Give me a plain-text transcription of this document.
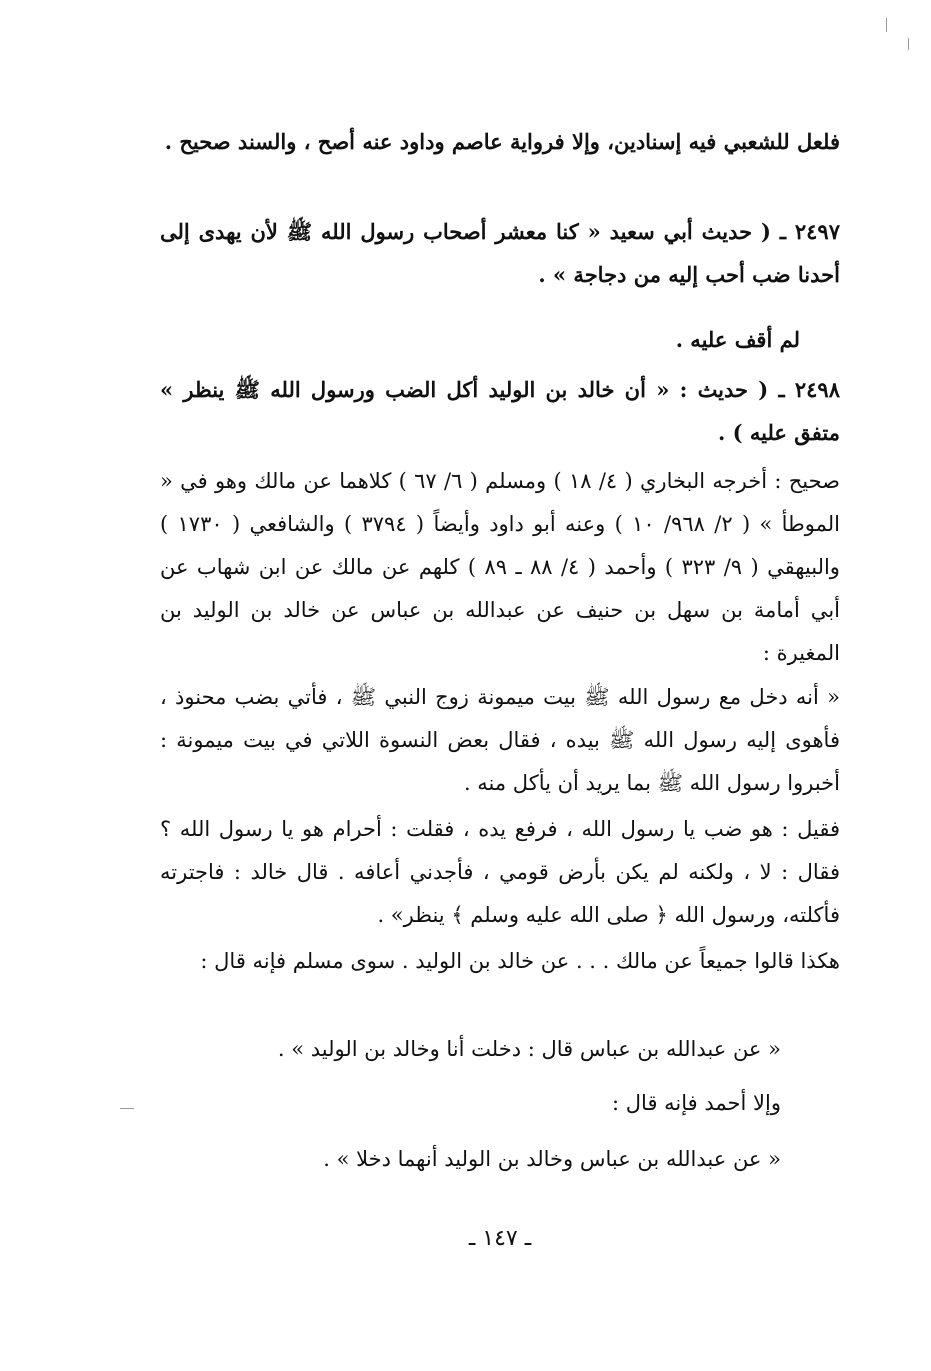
فلعل للشعبي فيه إسنادين، وإلا فرواية عاصم وداود عنه أصح ، والسند صحيح .

٢٤٩٧ ـ ( حديث أبي سعيد « كنا معشر أصحاب رسول الله ﷺ لأن يهدى إلى أحدنا ضب أحب إليه من دجاجة » .

لم أقف عليه .

٢٤٩٨ ـ ( حديث : « أن خالد بن الوليد أكل الضب ورسول الله ﷺ ينظر » متفق عليه ) .

صحيح : أخرجه البخاري ( ٤/ ١٨ ) ومسلم ( ٦/ ٦٧ ) كلاهما عن مالك وهو في « الموطأ » ( ٢/ ٩٦٨/ ١٠ ) وعنه أبو داود وأيضاً ( ٣٧٩٤ ) والشافعي ( ١٧٣٠ ) والبيهقي ( ٩/ ٣٢٣ ) وأحمد ( ٤/ ٨٨ ـ ٨٩ ) كلهم عن مالك عن ابن شهاب عن أبي أمامة بن سهل بن حنيف عن عبدالله بن عباس عن خالد بن الوليد بن المغيرة :

« أنه دخل مع رسول الله ﷺ بيت ميمونة زوج النبي ﷺ ، فأتي بضب محنوذ ، فأهوى إليه رسول الله ﷺ بيده ، فقال بعض النسوة اللاتي في بيت ميمونة : أخبروا رسول الله ﷺ بما يريد أن يأكل منه .

فقيل : هو ضب يا رسول الله ، فرفع يده ، فقلت : أحرام هو يا رسول الله ؟ فقال : لا ، ولكنه لم يكن بأرض قومي ، فأجدني أعافه . قال خالد : فاجترته فأكلته، ورسول الله ﴿ صلى الله عليه وسلم ﴾ ينظر» .

هكذا قالوا جميعاً عن مالك . . . عن خالد بن الوليد . سوى مسلم فإنه قال :

« عن عبدالله بن عباس قال : دخلت أنا وخالد بن الوليد » .

وإلا أحمد فإنه قال :

« عن عبدالله بن عباس وخالد بن الوليد أنهما دخلا » .

ـ ١٤٧ ـ
